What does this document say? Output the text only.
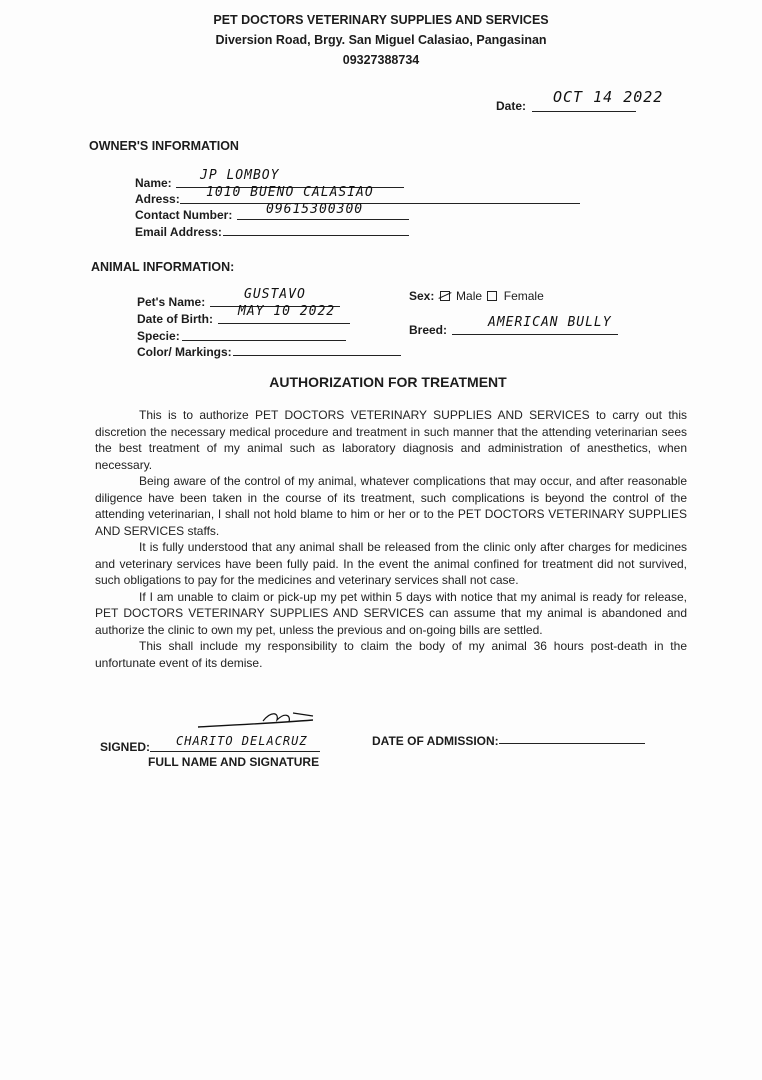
PET DOCTORS VETERINARY SUPPLIES AND SERVICES
Diversion Road, Brgy. San Miguel Calasiao, Pangasinan
09327388734
Date: OCT 14 2022
OWNER'S INFORMATION
Name: JP LOMBOY
Adress: 1010 BUENO CALASIAO
Contact Number:	09615300300
Email Address:
ANIMAL INFORMATION:
Pet's Name:	GUSTAVO
Date of Birth: MAY 10 2022
Specie:
Color/ Markings:
Sex: Male Female
Breed:	AMERICAN BULLY
AUTHORIZATION FOR TREATMENT

This is to authorize PET DOCTORS VETERINARY SUPPLIES AND SERVICES to carry out this discretion the necessary medical procedure and treatment in such manner that the attending veterinarian sees the best treatment of my animal such as laboratory diagnosis and administration of anesthetics, when necessary.

Being aware of the control of my animal, whatever complications that may occur, and after reasonable diligence have been taken in the course of its treatment, such complications is beyond the control of the attending veterinarian, I shall not hold blame to him or her or to the PET DOCTORS VETERINARY SUPPLIES AND SERVICES staffs.

It is fully understood that any animal shall be released from the clinic only after charges for medicines and veterinary services have been fully paid. In the event the animal confined for treatment did not survived, such obligations to pay for the medicines and veterinary services shall not case.

If I am unable to claim or pick-up my pet within 5 days with notice that my animal is ready for release, PET DOCTORS VETERINARY SUPPLIES AND SERVICES can assume that my animal is abandoned and authorize the clinic to own my pet, unless the previous and on-going bills are settled.

This shall include my responsibility to claim the body of my animal 36 hours post-death in the unfortunate event of its demise.

SIGNED: CHARITO DELACRUZ
FULL NAME AND SIGNATURE
DATE OF ADMISSION:
